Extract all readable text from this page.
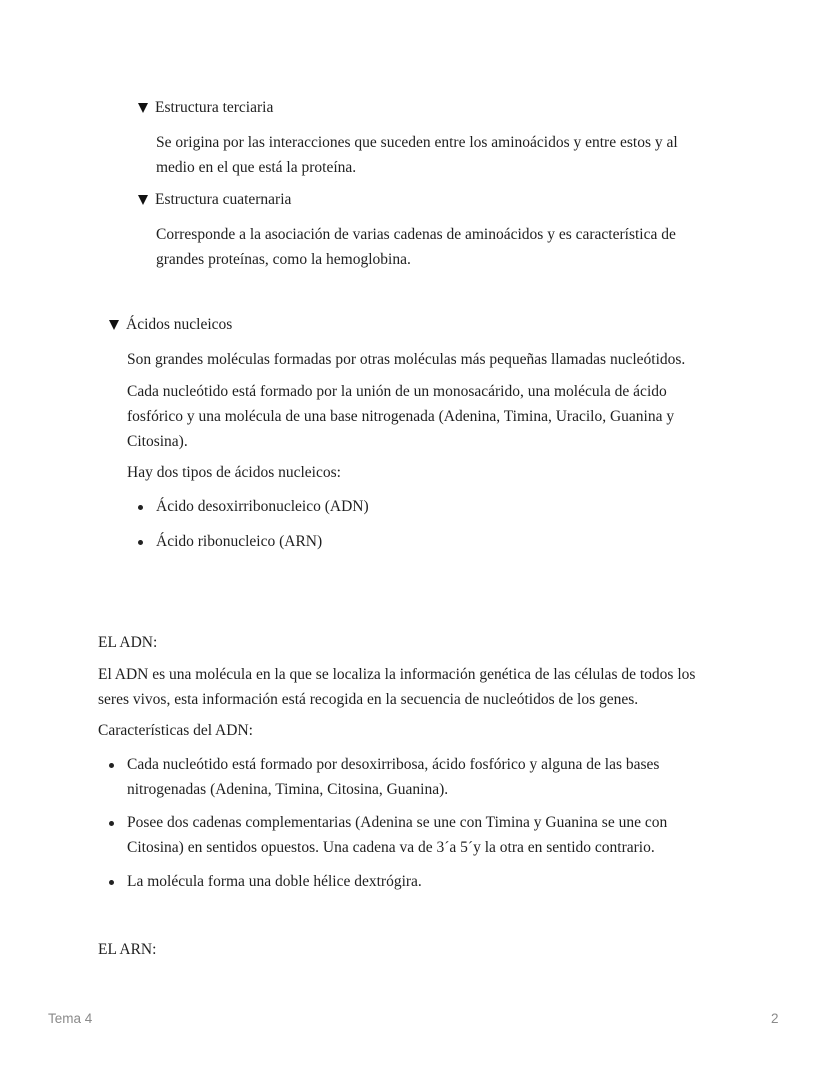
Estructura terciaria
Se origina por las interacciones que suceden entre los aminoácidos y entre estos y al
medio en el que está la proteína.
Estructura cuaternaria
Corresponde a la asociación de varias cadenas de aminoácidos y es característica de
grandes proteínas, como la hemoglobina.
Ácidos nucleicos
Son grandes moléculas formadas por otras moléculas más pequeñas llamadas nucleótidos.
Cada nucleótido está formado por la unión de un monosacárido, una molécula de ácido
fosfórico y una molécula de una base nitrogenada (Adenina, Timina, Uracilo, Guanina y
Citosina).
Hay dos tipos de ácidos nucleicos:
Ácido desoxirribonucleico (ADN)
Ácido ribonucleico (ARN)
EL ADN:
El ADN es una molécula en la que se localiza la información genética de las células de todos los
seres vivos, esta información está recogida en la secuencia de nucleótidos de los genes.
Características del ADN:
Cada nucleótido está formado por desoxirribosa, ácido fosfórico y alguna de las bases
nitrogenadas (Adenina, Timina, Citosina, Guanina).
Posee dos cadenas complementarias (Adenina se une con Timina y Guanina se une con
Citosina) en sentidos opuestos. Una cadena va de 3´a 5´y la otra en sentido contrario.
La molécula forma una doble hélice dextrógira.
EL ARN:
Tema 4	2
